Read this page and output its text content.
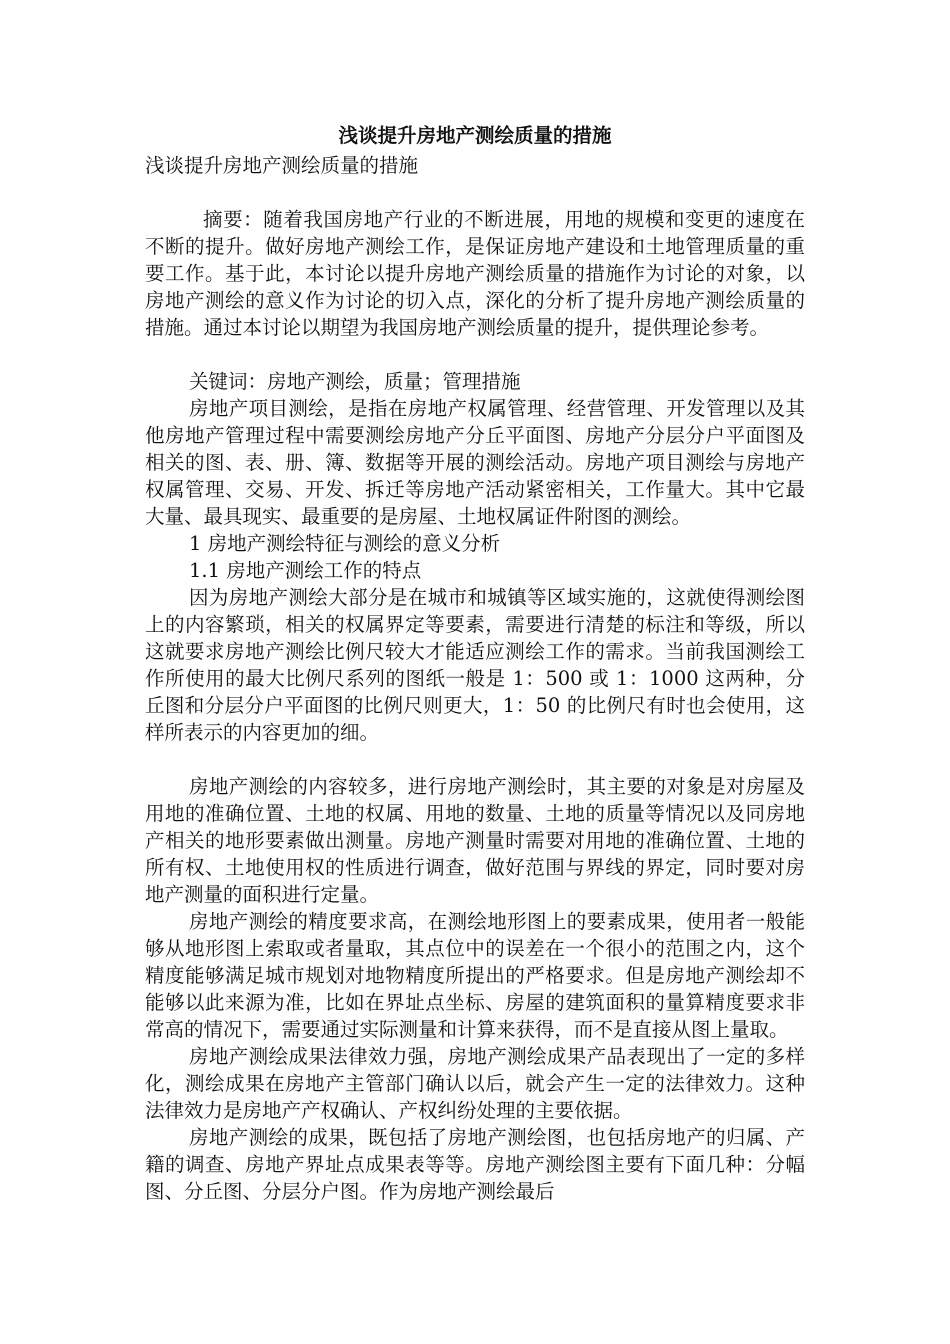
浅谈提升房地产测绘质量的措施

浅谈提升房地产测绘质量的措施

摘要：随着我国房地产行业的不断进展，用地的规模和变更的速度在不断的提升。做好房地产测绘工作，是保证房地产建设和土地管理质量的重要工作。基于此，本讨论以提升房地产测绘质量的措施作为讨论的对象，以房地产测绘的意义作为讨论的切入点，深化的分析了提升房地产测绘质量的措施。通过本讨论以期望为我国房地产测绘质量的提升，提供理论参考。

关键词：房地产测绘，质量；管理措施

房地产项目测绘，是指在房地产权属管理、经营管理、开发管理以及其他房地产管理过程中需要测绘房地产分丘平面图、房地产分层分户平面图及相关的图、表、册、簿、数据等开展的测绘活动。房地产项目测绘与房地产权属管理、交易、开发、拆迁等房地产活动紧密相关，工作量大。其中它最大量、最具现实、最重要的是房屋、土地权属证件附图的测绘。

1 房地产测绘特征与测绘的意义分析

1.1 房地产测绘工作的特点

因为房地产测绘大部分是在城市和城镇等区域实施的，这就使得测绘图上的内容繁琐，相关的权属界定等要素，需要进行清楚的标注和等级，所以这就要求房地产测绘比例尺较大才能适应测绘工作的需求。当前我国测绘工作所使用的最大比例尺系列的图纸一般是 1：500 或 1：1000 这两种，分丘图和分层分户平面图的比例尺则更大，1：50 的比例尺有时也会使用，这样所表示的内容更加的细。

房地产测绘的内容较多，进行房地产测绘时，其主要的对象是对房屋及用地的准确位置、土地的权属、用地的数量、土地的质量等情况以及同房地产相关的地形要素做出测量。房地产测量时需要对用地的准确位置、土地的所有权、土地使用权的性质进行调查，做好范围与界线的界定，同时要对房地产测量的面积进行定量。

房地产测绘的精度要求高，在测绘地形图上的要素成果，使用者一般能够从地形图上索取或者量取，其点位中的误差在一个很小的范围之内，这个精度能够满足城市规划对地物精度所提出的严格要求。但是房地产测绘却不能够以此来源为准，比如在界址点坐标、房屋的建筑面积的量算精度要求非常高的情况下，需要通过实际测量和计算来获得，而不是直接从图上量取。

房地产测绘成果法律效力强，房地产测绘成果产品表现出了一定的多样化，测绘成果在房地产主管部门确认以后，就会产生一定的法律效力。这种法律效力是房地产产权确认、产权纠纷处理的主要依据。

房地产测绘的成果，既包括了房地产测绘图，也包括房地产的归属、产籍的调查、房地产界址点成果表等等。房地产测绘图主要有下面几种：分幅图、分丘图、分层分户图。作为房地产测绘最后
